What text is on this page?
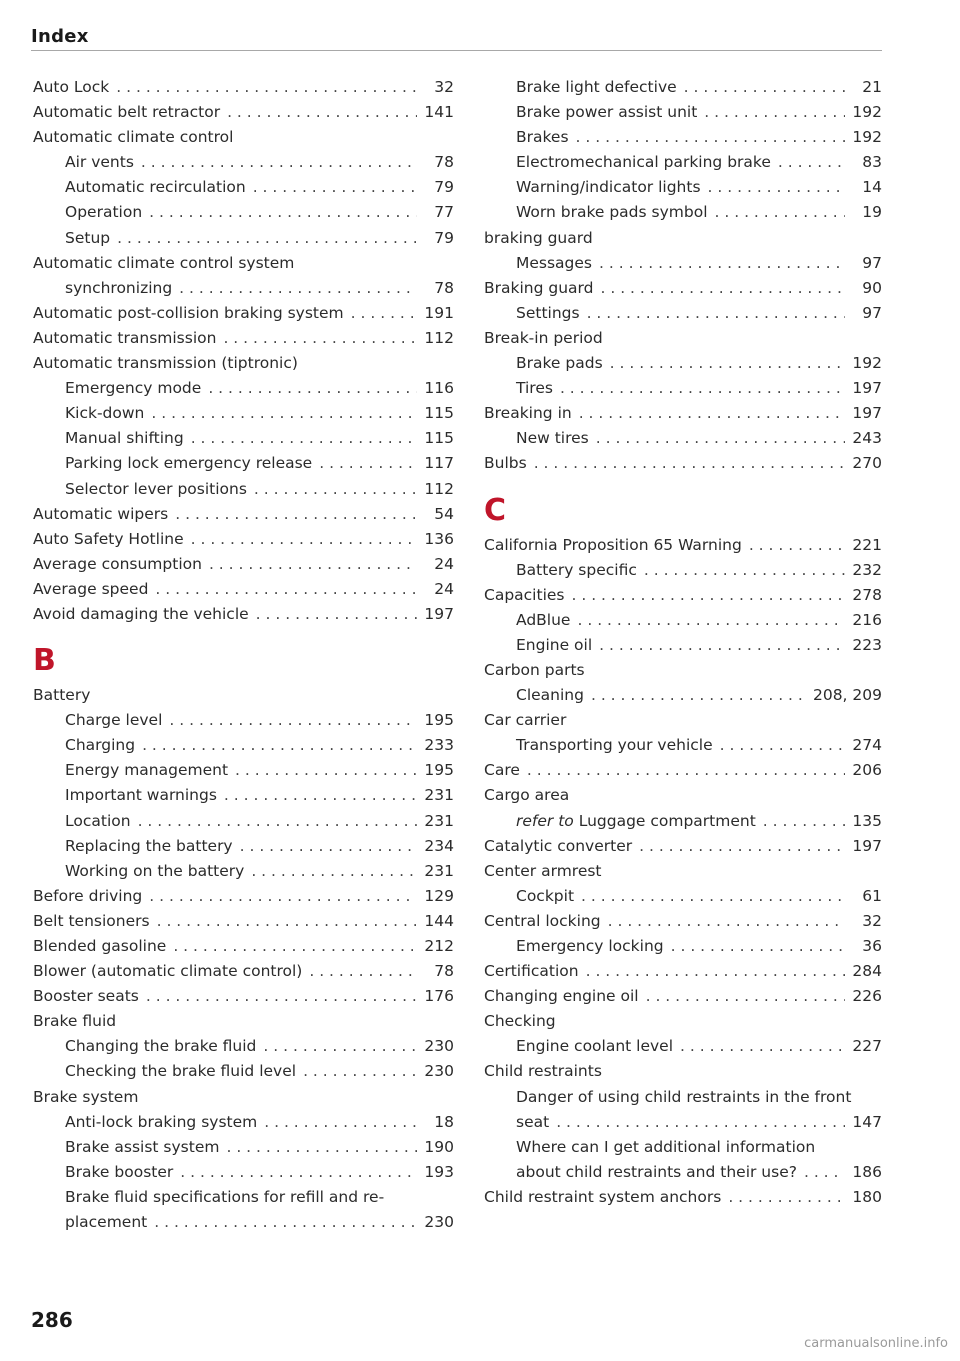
Index
Auto Lock . . .	32
Automatic belt retractor . . .	141
Automatic climate control
Air vents . . .	78
Automatic recirculation . . .	79
Operation . . .	77
Setup . . .	79
Automatic climate control system
synchronizing . . .	78
Automatic post-collision braking system . . .	191
Automatic transmission . . .	112
Automatic transmission (tiptronic)
Emergency mode . . .	116
Kick-down . . .	115
Manual shifting . . .	115
Parking lock emergency release . . .	117
Selector lever positions . . .	112
Automatic wipers . . .	54
Auto Safety Hotline . . .	136
Average consumption . . .	24
Average speed . . .	24
Avoid damaging the vehicle . . .	197
B
Battery
Charge level . . .	195
Charging . . .	233
Energy management . . .	195
Important warnings . . .	231
Location . . .	231
Replacing the battery . . .	234
Working on the battery . . .	231
Before driving . . .	129
Belt tensioners . . .	144
Blended gasoline . . .	212
Blower (automatic climate control) . . .	78
Booster seats . . .	176
Brake fluid
Changing the brake fluid . . .	230
Checking the brake fluid level . . .	230
Brake system
Anti-lock braking system . . .	18
Brake assist system . . .	190
Brake booster . . .	193
Brake fluid specifications for refill and re-
placement . . .	230
Brake light defective . . .	21
Brake power assist unit . . .	192
Brakes . . .	192
Electromechanical parking brake . . .	83
Warning/indicator lights . . .	14
Worn brake pads symbol . . .	19
braking guard
Messages . . .	97
Braking guard . . .	90
Settings . . .	97
Break-in period
Brake pads . . .	192
Tires . . .	197
Breaking in . . .	197
New tires . . .	243
Bulbs . . .	270
C
California Proposition 65 Warning . . .	221
Battery specific . . .	232
Capacities . . .	278
AdBlue . . .	216
Engine oil . . .	223
Carbon parts
Cleaning . . .	208, 209
Car carrier
Transporting your vehicle . . .	274
Care . . .	206
Cargo area
refer to Luggage compartment . . .	135
Catalytic converter . . .	197
Center armrest
Cockpit . . .	61
Central locking . . .	32
Emergency locking . . .	36
Certification . . .	284
Changing engine oil . . .	226
Checking
Engine coolant level . . .	227
Child restraints
Danger of using child restraints in the front
seat . . .	147
Where can I get additional information
about child restraints and their use? . . .	186
Child restraint system anchors . . .	180
286
carmanualsonline.info
